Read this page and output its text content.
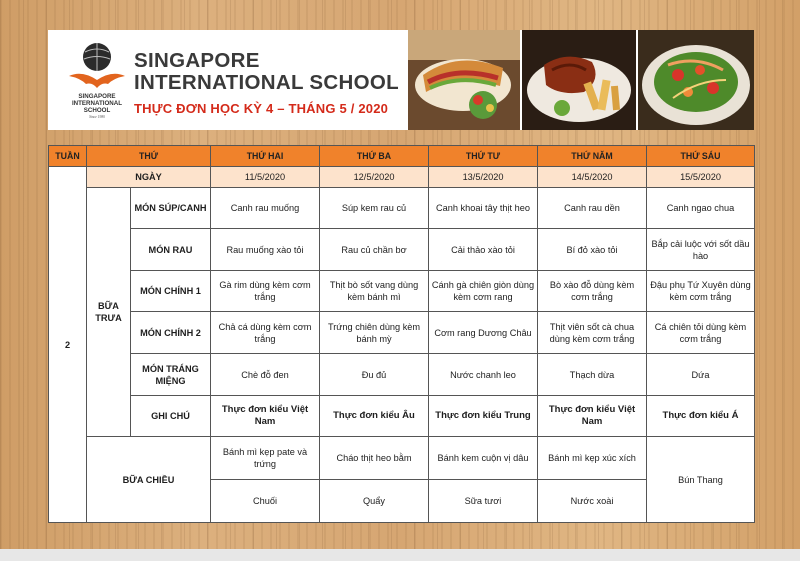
SINGAPORE
INTERNATIONAL
SCHOOL
Since 1980
SINGAPORE
INTERNATIONAL SCHOOL
THỰC ĐƠN HỌC KỲ 4 – THÁNG 5 / 2020
TUẦN	THỨ		THỨ HAI	THỨ BA	THỨ TƯ	THỨ NĂM	THỨ SÁU
2	NGÀY		11/5/2020	12/5/2020	13/5/2020	14/5/2020	15/5/2020
	BỮA TRƯA	MÓN SÚP/CANH	Canh rau muống	Súp kem rau củ	Canh khoai tây thịt heo	Canh rau dền	Canh ngao chua
		MÓN RAU	Rau muống xào tỏi	Rau củ chần bơ	Cải thảo xào tỏi	Bí đỏ xào tỏi	Bắp cải luộc với sốt dầu hào
		MÓN CHÍNH 1	Gà rim dùng kèm cơm trắng	Thịt bò sốt vang dùng kèm bánh mì	Cánh gà chiên giòn dùng kèm cơm rang	Bò xào đỗ dùng kèm cơm trắng	Đậu phụ Tứ Xuyên dùng kèm cơm trắng
		MÓN CHÍNH 2	Chả cá dùng kèm cơm trắng	Trứng chiên dùng kèm bánh mỳ	Cơm rang Dương Châu	Thịt viên sốt cà chua dùng kèm cơm trắng	Cá chiên tỏi dùng kèm cơm trắng
		MÓN TRÁNG MIỆNG	Chè đỗ đen	Đu đủ	Nước chanh leo	Thạch dừa	Dứa
		GHI CHÚ	Thực đơn kiểu Việt Nam	Thực đơn kiểu Âu	Thực đơn kiểu Trung	Thực đơn kiểu Việt Nam	Thực đơn kiểu Á
	BỮA CHIỀU		Bánh mì kẹp pate và trứng	Cháo thịt heo bằm	Bánh kem cuộn vị dâu	Bánh mì kẹp xúc xích	Bún Thang
			Chuối	Quẩy	Sữa tươi	Nước xoài	
